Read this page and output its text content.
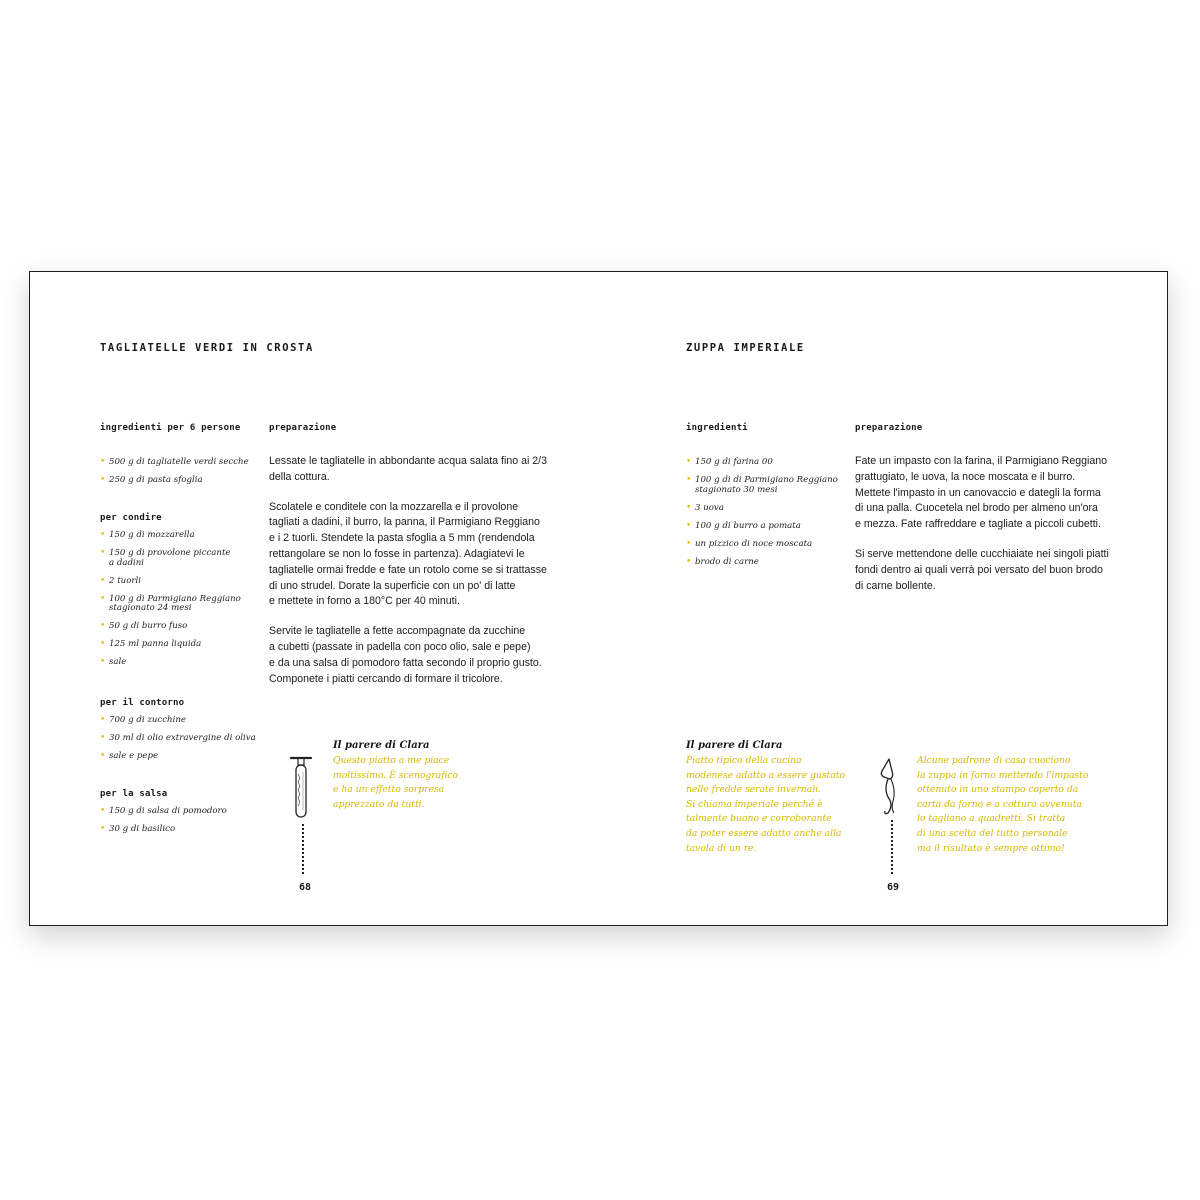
TAGLIATELLE VERDI IN CROSTA
ingredienti per 6 persone
• 500 g di tagliatelle verdi secche
• 250 g di pasta sfoglia
per condire
• 150 g di mozzarella
• 150 g di provolone piccante
a dadini
• 2 tuorli
• 100 g di Parmigiano Reggiano
stagionato 24 mesi
• 50 g di burro fuso
• 125 ml panna liquida
• sale
per il contorno
• 700 g di zucchine
• 30 ml di olio extravergine di oliva
• sale e pepe
per la salsa
• 150 g di salsa di pomodoro
• 30 g di basilico
preparazione

Lessate le tagliatelle in abbondante acqua salata fino ai 2/3
della cottura.

Scolatele e conditele con la mozzarella e il provolone
tagliati a dadini, il burro, la panna, il Parmigiano Reggiano
e i 2 tuorli. Stendete la pasta sfoglia a 5 mm (rendendola
rettangolare se non lo fosse in partenza). Adagiatevi le
tagliatelle ormai fredde e fate un rotolo come se si trattasse
di uno strudel. Dorate la superficie con un po' di latte
e mettete in forno a 180°C per 40 minuti.

Servite le tagliatelle a fette accompagnate da zucchine
a cubetti (passate in padella con poco olio, sale e pepe)
e da una salsa di pomodoro fatta secondo il proprio gusto.
Componete i piatti cercando di formare il tricolore.

68
Il parere di Clara
Questo piatto a me piace
moltissimo. È scenografico
e ha un effetto sorpresa
apprezzato da tutti.
ZUPPA IMPERIALE
ingredienti
• 150 g di farina 00
• 100 g di di Parmigiano Reggiano
stagionato 30 mesi
• 3 uova
• 100 g di burro a pomata
• un pizzico di noce moscata
• brodo di carne
preparazione

Fate un impasto con la farina, il Parmigiano Reggiano
grattugiato, le uova, la noce moscata e il burro.
Mettete l'impasto in un canovaccio e dategli la forma
di una palla. Cuocetela nel brodo per almeno un'ora
e mezza. Fate raffreddare e tagliate a piccoli cubetti.

Si serve mettendone delle cucchiaiate nei singoli piatti
fondi dentro ai quali verrà poi versato del buon brodo
di carne bollente.

Il parere di Clara
Piatto tipico della cucina
modenese adatto a essere gustato
nelle fredde serate invernali.
Si chiama imperiale perché è
talmente buono e corroborante
da poter essere adatto anche alla
tavola di un re.
69
Alcune padrone di casa cuociono
la zuppa in forno mettendo l'impasto
ottenuto in uno stampo coperto da
carta da forno e a cottura avvenuta
lo tagliano a quadretti. Si tratta
di una scelta del tutto personale
ma il risultato è sempre ottimo!
